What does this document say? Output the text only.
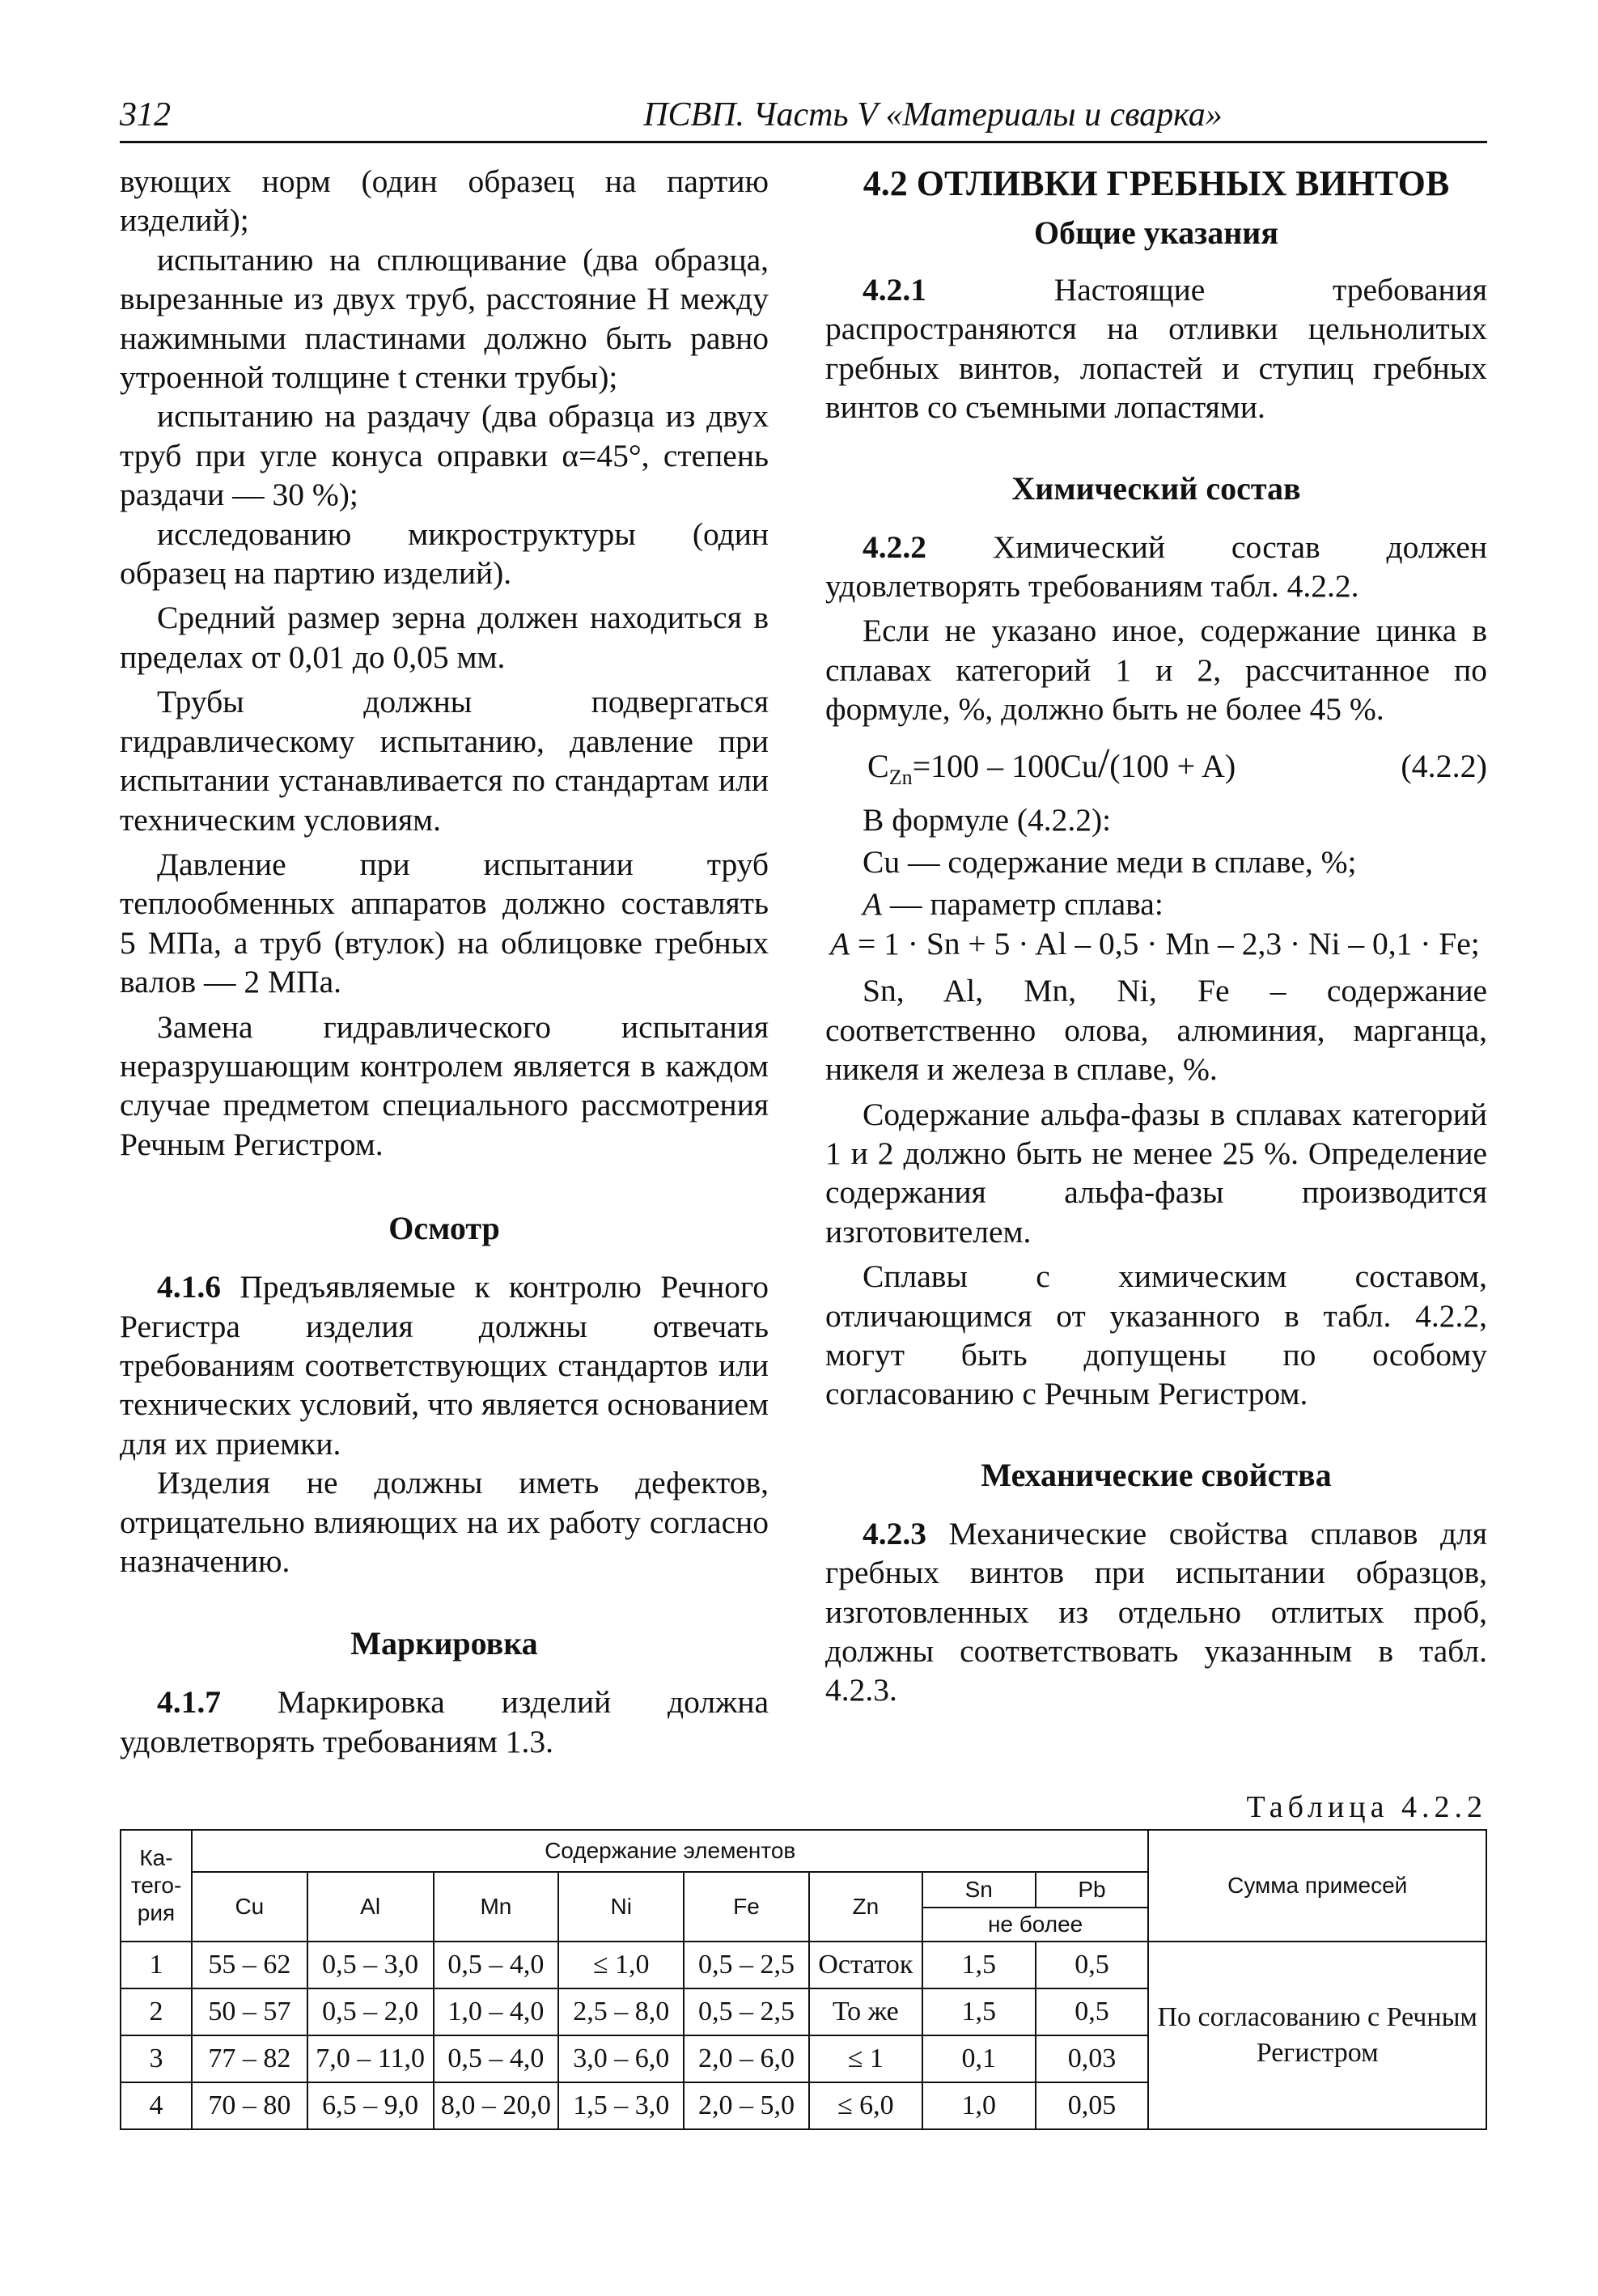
312	ПСВП. Часть V «Материалы и сварка»

вующих норм (один образец на партию изделий);

испытанию на сплющивание (два образца, вырезанные из двух труб, расстояние H между нажимными пластинами должно быть равно утроенной толщине t стенки трубы);

испытанию на раздачу (два образца из двух труб при угле конуса оправки α=45°, степень раздачи — 30 %);

исследованию микроструктуры (один образец на партию изделий).

Средний размер зерна должен находиться в пределах от 0,01 до 0,05 мм.

Трубы должны подвергаться гидравлическому испытанию, давление при испытании устанавливается по стандартам или техническим условиям.

Давление при испытании труб теплообменных аппаратов должно составлять 5 МПа, а труб (втулок) на облицовке гребных валов — 2 МПа.

Замена гидравлического испытания неразрушающим контролем является в каждом случае предметом специального рассмотрения Речным Регистром.

Осмотр

4.1.6 Предъявляемые к контролю Речного Регистра изделия должны отвечать требованиям соответствующих стандартов или технических условий, что является основанием для их приемки.

Изделия не должны иметь дефектов, отрицательно влияющих на их работу согласно назначению.

Маркировка

4.1.7 Маркировка изделий должна удовлетворять требованиям 1.3.

4.2 ОТЛИВКИ ГРЕБНЫХ ВИНТОВ
Общие указания

4.2.1	Настоящие требования распространяются на отливки цельнолитых гребных винтов, лопастей и ступиц гребных винтов со съемными лопастями.

Химический состав

4.2.2 Химический состав должен удовлетворять требованиям табл. 4.2.2.

Если не указано иное, содержание цинка в сплавах категорий 1 и 2, рассчитанное по формуле, %, должно быть не более 45 %.

$C_{Zn}=100 - 100Cu/(100 + A)$	(4.2.2)

В формуле (4.2.2):

Cu — содержание меди в сплаве, %;

A — параметр сплава:

A = 1 · Sn + 5 · Al – 0,5 · Mn – 2,3 · Ni – 0,1 · Fe;

Sn, Al, Mn, Ni, Fe – содержание соответственно олова, алюминия, марганца, никеля и железа в сплаве, %.

Содержание альфа-фазы в сплавах категорий 1 и 2 должно быть не менее 25 %. Определение содержания альфа-фазы производится изготовителем.

Сплавы с химическим составом, отличающимся от указанного в табл. 4.2.2, могут быть допущены по особому согласованию с Речным Регистром.

Механические свойства

4.2.3 Механические свойства сплавов для гребных винтов при испытании образцов, изготовленных из отдельно отлитых проб, должны соответствовать указанным в табл. 4.2.3.

Таблица 4.2.2
Ка-тего-рия	Содержание элементов								Сумма примесей
	Cu	Al	Mn	Ni	Fe	Zn	Sn	Pb	
							не более		
1	55 – 62	0,5 – 3,0	0,5 – 4,0	≤ 1,0	0,5 – 2,5	Остаток	1,5	0,5	По согласованию с Речным Регистром
2	50 – 57	0,5 – 2,0	1,0 – 4,0	2,5 – 8,0	0,5 – 2,5	То же	1,5	0,5	
3	77 – 82	7,0 – 11,0	0,5 – 4,0	3,0 – 6,0	2,0 – 6,0	≤ 1	0,1	0,03	
4	70 – 80	6,5 – 9,0	8,0 – 20,0	1,5 – 3,0	2,0 – 5,0	≤ 6,0	1,0	0,05	
